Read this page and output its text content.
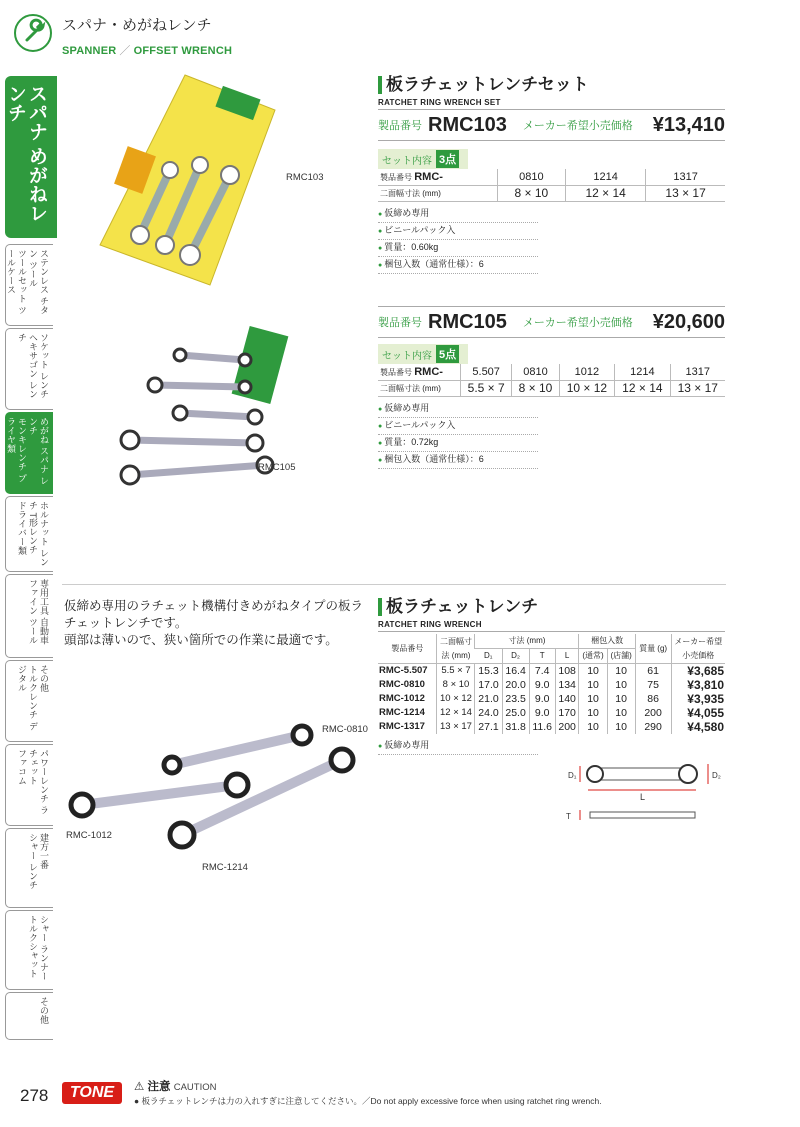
スパナ・めがねレンチ
SPANNER ／ OFFSET WRENCH
スパナ めがねレンチ
ステンレス チタン ツール
ツールセット ツールケース
ソケット レンチ
ヘキサゴン レンチ
めがね スパナ レンチ
モンキレンチ プライヤ類
ホルナット レンチ T形レンチ
ドライバー類
専用工具 自動車
ファイン ツール
その他
トルクレンチ デジタル
パワーレンチ ラチェット
ファコム
建方一番
シャー レンチ
シャー ランナー
トルクシャット
その他
RMC103
板ラチェットレンチセット
RATCHET RING WRENCH SET
製品番号 RMC103 メーカー希望小売価格 ¥13,410
セット内容 3点
製品番号 RMC-	0810	1214	1317
二面幅寸法 (mm)	8 × 10	12 × 14	13 × 17
● 仮締め専用
● ビニールパック入
● 質量：0.60kg
● 梱包入数（通常仕様）：6
RMC105
製品番号 RMC105 メーカー希望小売価格 ¥20,600
セット内容 5点
製品番号 RMC-	5.507	0810	1012	1214	1317
二面幅寸法 (mm)	5.5 × 7	8 × 10	10 × 12	12 × 14	13 × 17
● 仮締め専用
● ビニールパック入
● 質量：0.72kg
● 梱包入数（通常仕様）：6
仮締め専用のラチェット機構付きめがねタイプの板ラチェットレンチです。
頭部は薄いので、狭い箇所での作業に最適です。
板ラチェットレンチ
RATCHET RING WRENCH
製品番号	二面幅寸法 (mm)	寸法 (mm)				梱包入数		質量 (g)	メーカー希望小売価格
		D₁	D₂	T	L	(通常)	(店舗)		
RMC-5.507	5.5 × 7	15.3	16.4	7.4	108	10	10	61	¥3,685
RMC-0810	8 × 10	17.0	20.0	9.0	134	10	10	75	¥3,810
RMC-1012	10 × 12	21.0	23.5	9.0	140	10	10	86	¥3,935
RMC-1214	12 × 14	24.0	25.0	9.0	170	10	10	200	¥4,055
RMC-1317	13 × 17	27.1	31.8	11.6	200	10	10	290	¥4,580
● 仮締め専用
D₁	D₂
L
T
RMC-0810
RMC-1012
RMC-1214
278	TONE	⚠ 注意 CAUTION
● 板ラチェットレンチは力の入れすぎに注意してください。／Do not apply excessive force when using ratchet ring wrench.
